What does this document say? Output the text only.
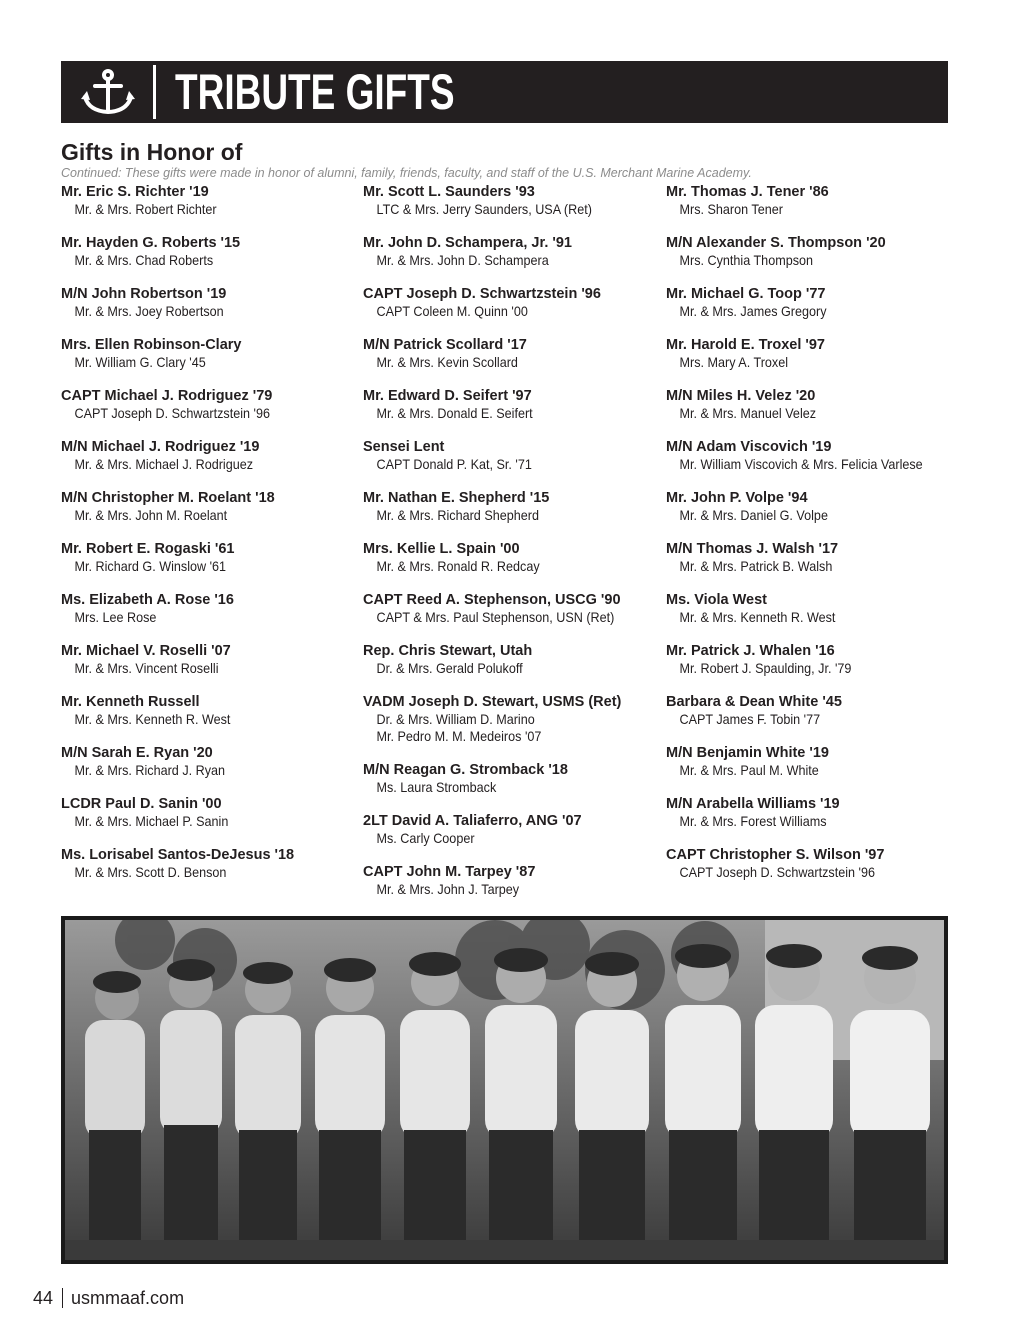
TRIBUTE GIFTS
Gifts in Honor of
Continued: These gifts were made in honor of alumni, family, friends, faculty, and staff of the U.S. Merchant Marine Academy.
Mr. Eric S. Richter '19
Mr. & Mrs. Robert Richter
Mr. Hayden G. Roberts '15
Mr. & Mrs. Chad Roberts
M/N John Robertson '19
Mr. & Mrs. Joey Robertson
Mrs. Ellen Robinson-Clary
Mr. William G. Clary '45
CAPT Michael J. Rodriguez '79
CAPT Joseph D. Schwartzstein '96
M/N Michael J. Rodriguez '19
Mr. & Mrs. Michael J. Rodriguez
M/N Christopher M. Roelant '18
Mr. & Mrs. John M. Roelant
Mr. Robert E. Rogaski '61
Mr. Richard G. Winslow '61
Ms. Elizabeth A. Rose '16
Mrs. Lee Rose
Mr. Michael V. Roselli '07
Mr. & Mrs. Vincent Roselli
Mr. Kenneth Russell
Mr. & Mrs. Kenneth R. West
M/N Sarah E. Ryan '20
Mr. & Mrs. Richard J. Ryan
LCDR Paul D. Sanin '00
Mr. & Mrs. Michael P. Sanin
Ms. Lorisabel Santos-DeJesus '18
Mr. & Mrs. Scott D. Benson
Mr. Scott L. Saunders '93
LTC & Mrs. Jerry Saunders, USA (Ret)
Mr. John D. Schampera, Jr. '91
Mr. & Mrs. John D. Schampera
CAPT Joseph D. Schwartzstein '96
CAPT Coleen M. Quinn '00
M/N Patrick Scollard '17
Mr. & Mrs. Kevin Scollard
Mr. Edward D. Seifert '97
Mr. & Mrs. Donald E. Seifert
Sensei Lent
CAPT Donald P. Kat, Sr. '71
Mr. Nathan E. Shepherd '15
Mr. & Mrs. Richard Shepherd
Mrs. Kellie L. Spain '00
Mr. & Mrs. Ronald R. Redcay
CAPT Reed A. Stephenson, USCG '90
CAPT & Mrs. Paul Stephenson, USN (Ret)
Rep. Chris Stewart, Utah
Dr. & Mrs. Gerald Polukoff
VADM Joseph D. Stewart, USMS (Ret)
Dr. & Mrs. William D. Marino
Mr. Pedro M. M. Medeiros '07
M/N Reagan G. Stromback '18
Ms. Laura Stromback
2LT David A. Taliaferro, ANG '07
Ms. Carly Cooper
CAPT John M. Tarpey '87
Mr. & Mrs. John J. Tarpey
Mr. Thomas J. Tener '86
Mrs. Sharon Tener
M/N Alexander S. Thompson '20
Mrs. Cynthia Thompson
Mr. Michael G. Toop '77
Mr. & Mrs. James Gregory
Mr. Harold E. Troxel '97
Mrs. Mary A. Troxel
M/N Miles H. Velez '20
Mr. & Mrs. Manuel Velez
M/N Adam Viscovich '19
Mr. William Viscovich & Mrs. Felicia Varlese
Mr. John P. Volpe '94
Mr. & Mrs. Daniel G. Volpe
M/N Thomas J. Walsh '17
Mr. & Mrs. Patrick B. Walsh
Ms. Viola West
Mr. & Mrs. Kenneth R. West
Mr. Patrick J. Whalen '16
Mr. Robert J. Spaulding, Jr. '79
Barbara & Dean White '45
CAPT James F. Tobin '77
M/N Benjamin White '19
Mr. & Mrs. Paul M. White
M/N Arabella Williams '19
Mr. & Mrs. Forest Williams
CAPT Christopher S. Wilson '97
CAPT Joseph D. Schwartzstein '96
44 usmmaaf.com
